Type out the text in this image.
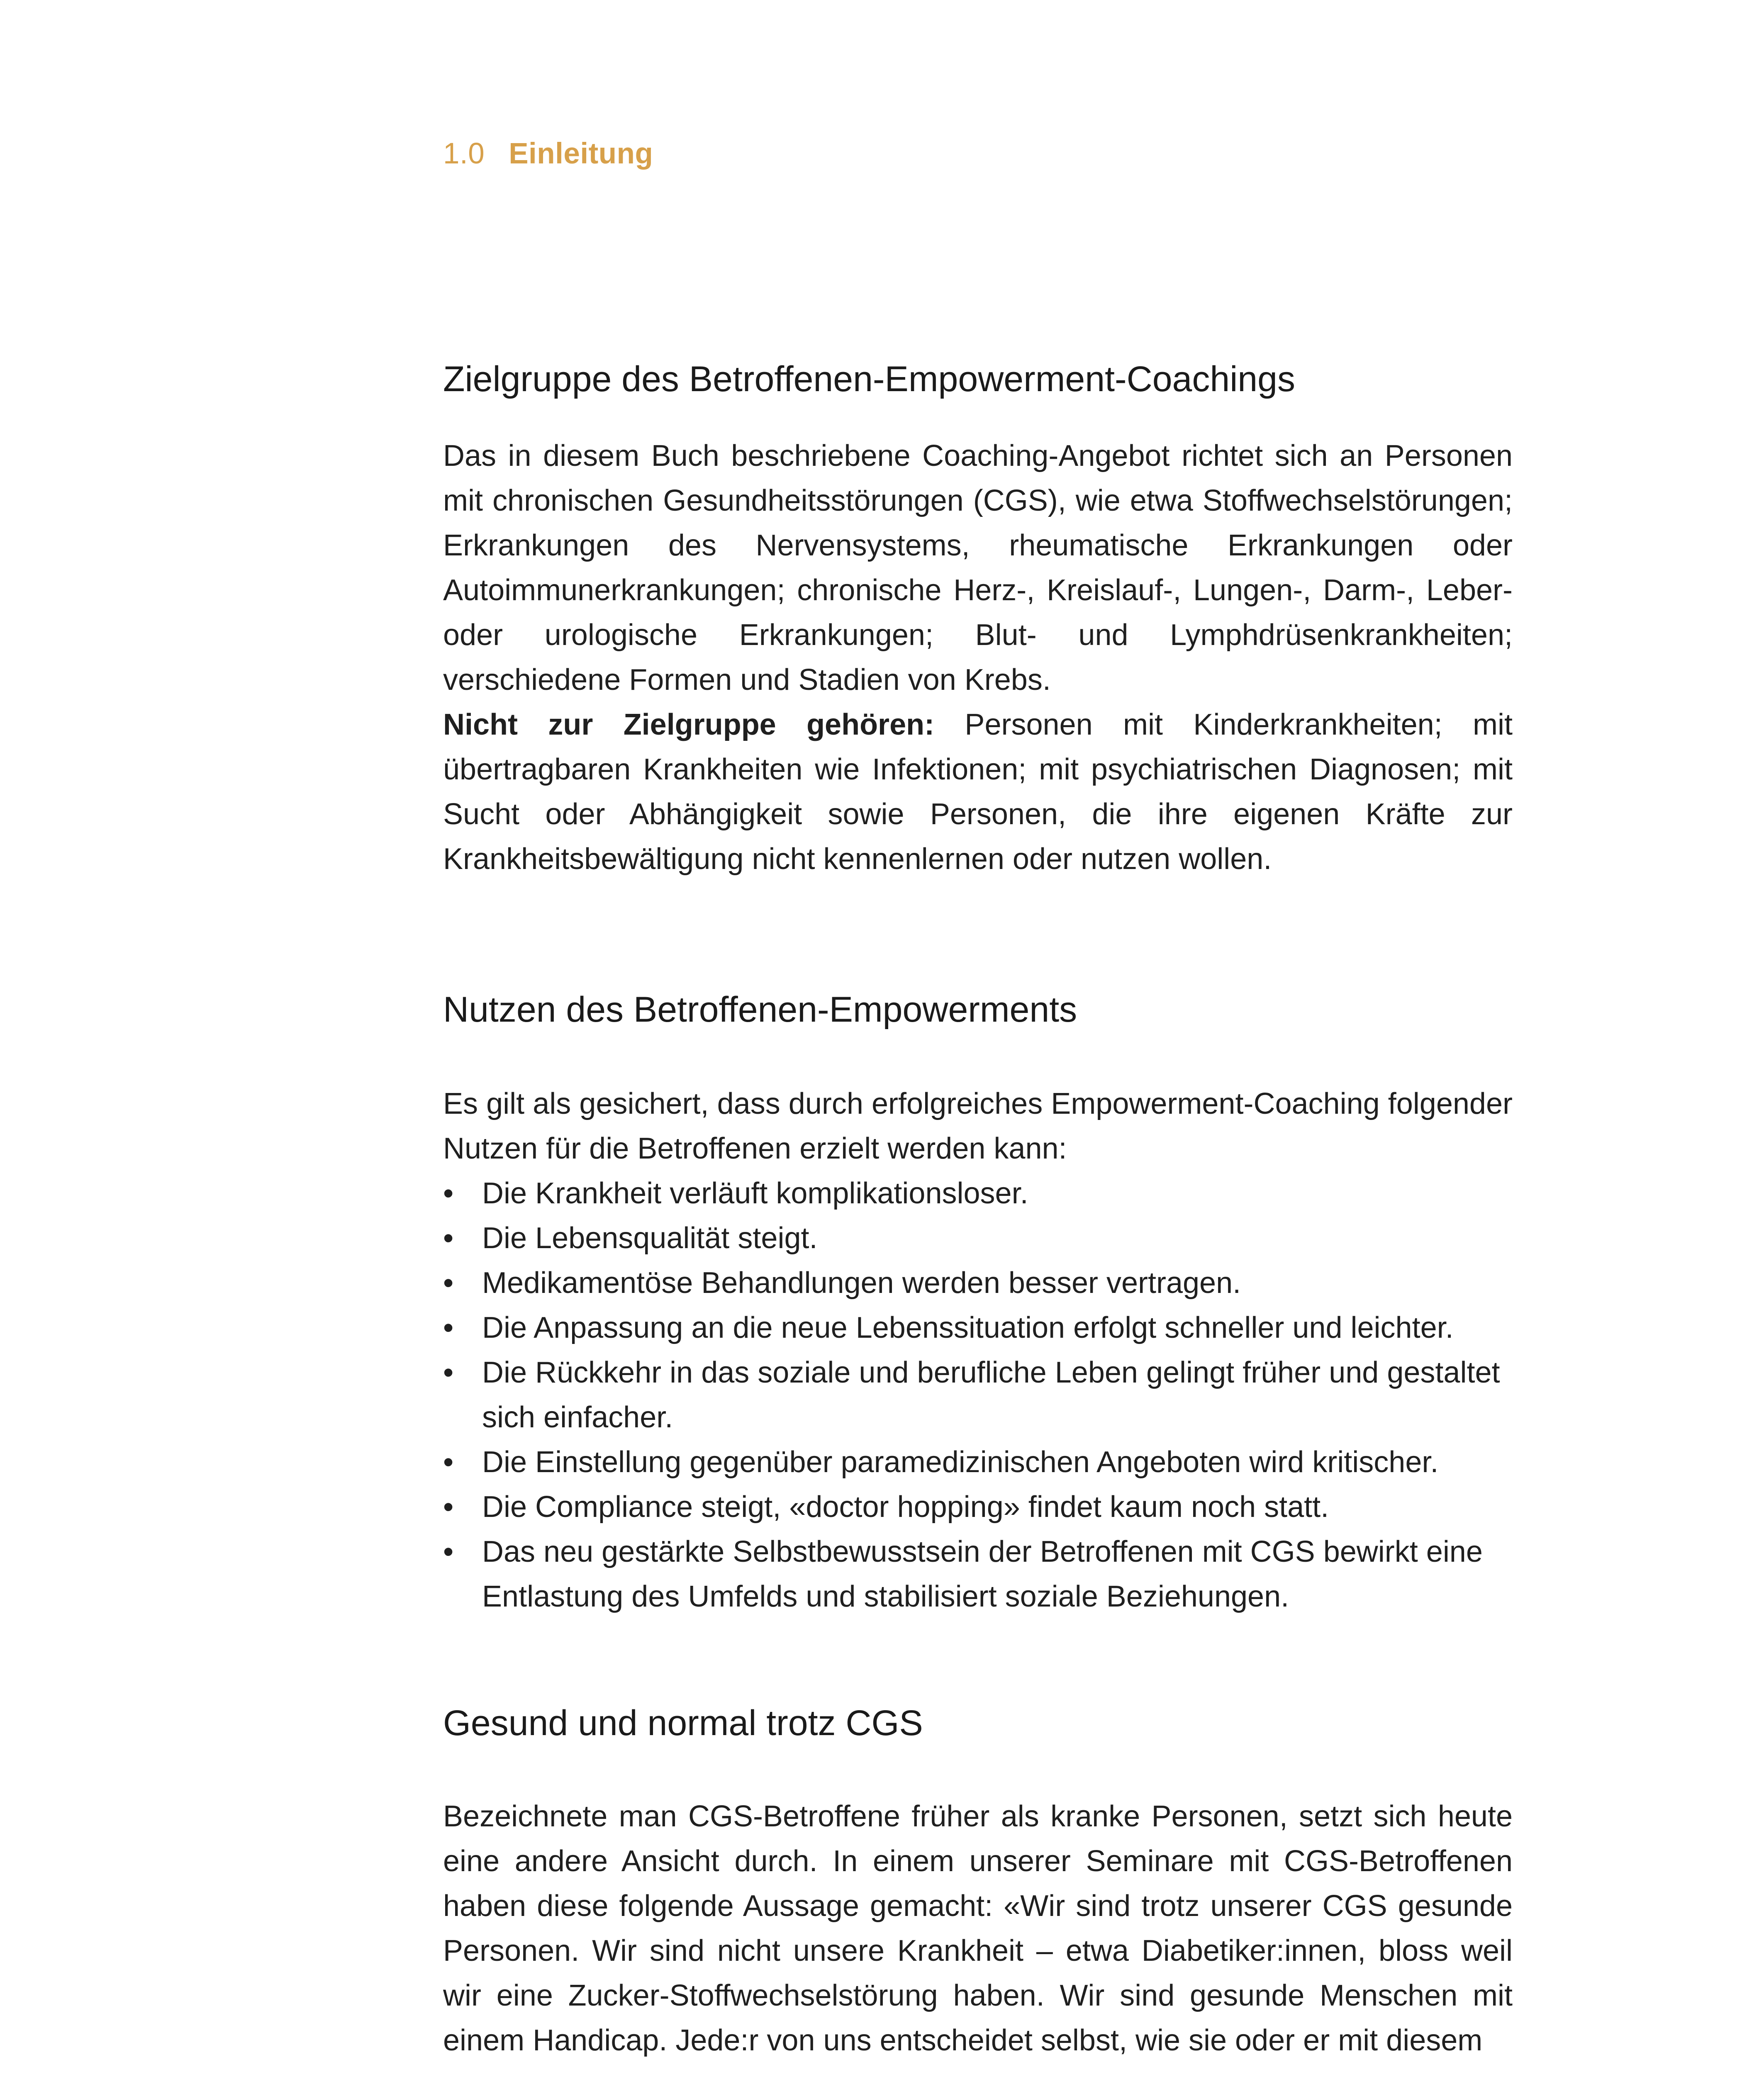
1.0 Einleitung
Zielgruppe des Betroffenen-Empowerment-Coachings

Das in diesem Buch beschriebene Coaching-Angebot richtet sich an Personen mit chronischen Gesundheitsstörungen (CGS), wie etwa Stoffwechselstörungen; Erkrankungen des Nervensystems, rheumatische Erkrankungen oder Autoimmunerkrankungen; chronische Herz-, Kreislauf-, Lungen-, Darm-, Leber- oder urologische Erkrankungen; Blut- und Lymphdrüsenkrankheiten; verschiedene Formen und Stadien von Krebs.
Nicht zur Zielgruppe gehören: Personen mit Kinderkrankheiten; mit übertragbaren Krankheiten wie Infektionen; mit psychiatrischen Diagnosen; mit Sucht oder Abhängigkeit sowie Personen, die ihre eigenen Kräfte zur Krankheitsbewältigung nicht kennenlernen oder nutzen wollen.

Nutzen des Betroffenen-Empowerments

Es gilt als gesichert, dass durch erfolgreiches Empowerment-Coaching folgender Nutzen für die Betroffenen erzielt werden kann:

• Die Krankheit verläuft komplikationsloser.
• Die Lebensqualität steigt.
• Medikamentöse Behandlungen werden besser vertragen.
• Die Anpassung an die neue Lebenssituation erfolgt schneller und leichter.
• Die Rückkehr in das soziale und berufliche Leben gelingt früher und gestaltet sich einfacher.
• Die Einstellung gegenüber paramedizinischen Angeboten wird kritischer.
• Die Compliance steigt, «doctor hopping» findet kaum noch statt.
• Das neu gestärkte Selbstbewusstsein der Betroffenen mit CGS bewirkt eine Entlastung des Umfelds und stabilisiert soziale Beziehungen.
Gesund und normal trotz CGS

Bezeichnete man CGS-Betroffene früher als kranke Personen, setzt sich heute eine andere Ansicht durch. In einem unserer Seminare mit CGS-Betroffenen haben diese folgende Aussage gemacht: «Wir sind trotz unserer CGS gesunde Personen. Wir sind nicht unsere Krankheit – etwa Diabetiker:innen, bloss weil wir eine Zucker-Stoffwechselstörung haben. Wir sind gesunde Menschen mit einem Handicap. Jede:r von uns entscheidet selbst, wie sie oder er mit diesem
